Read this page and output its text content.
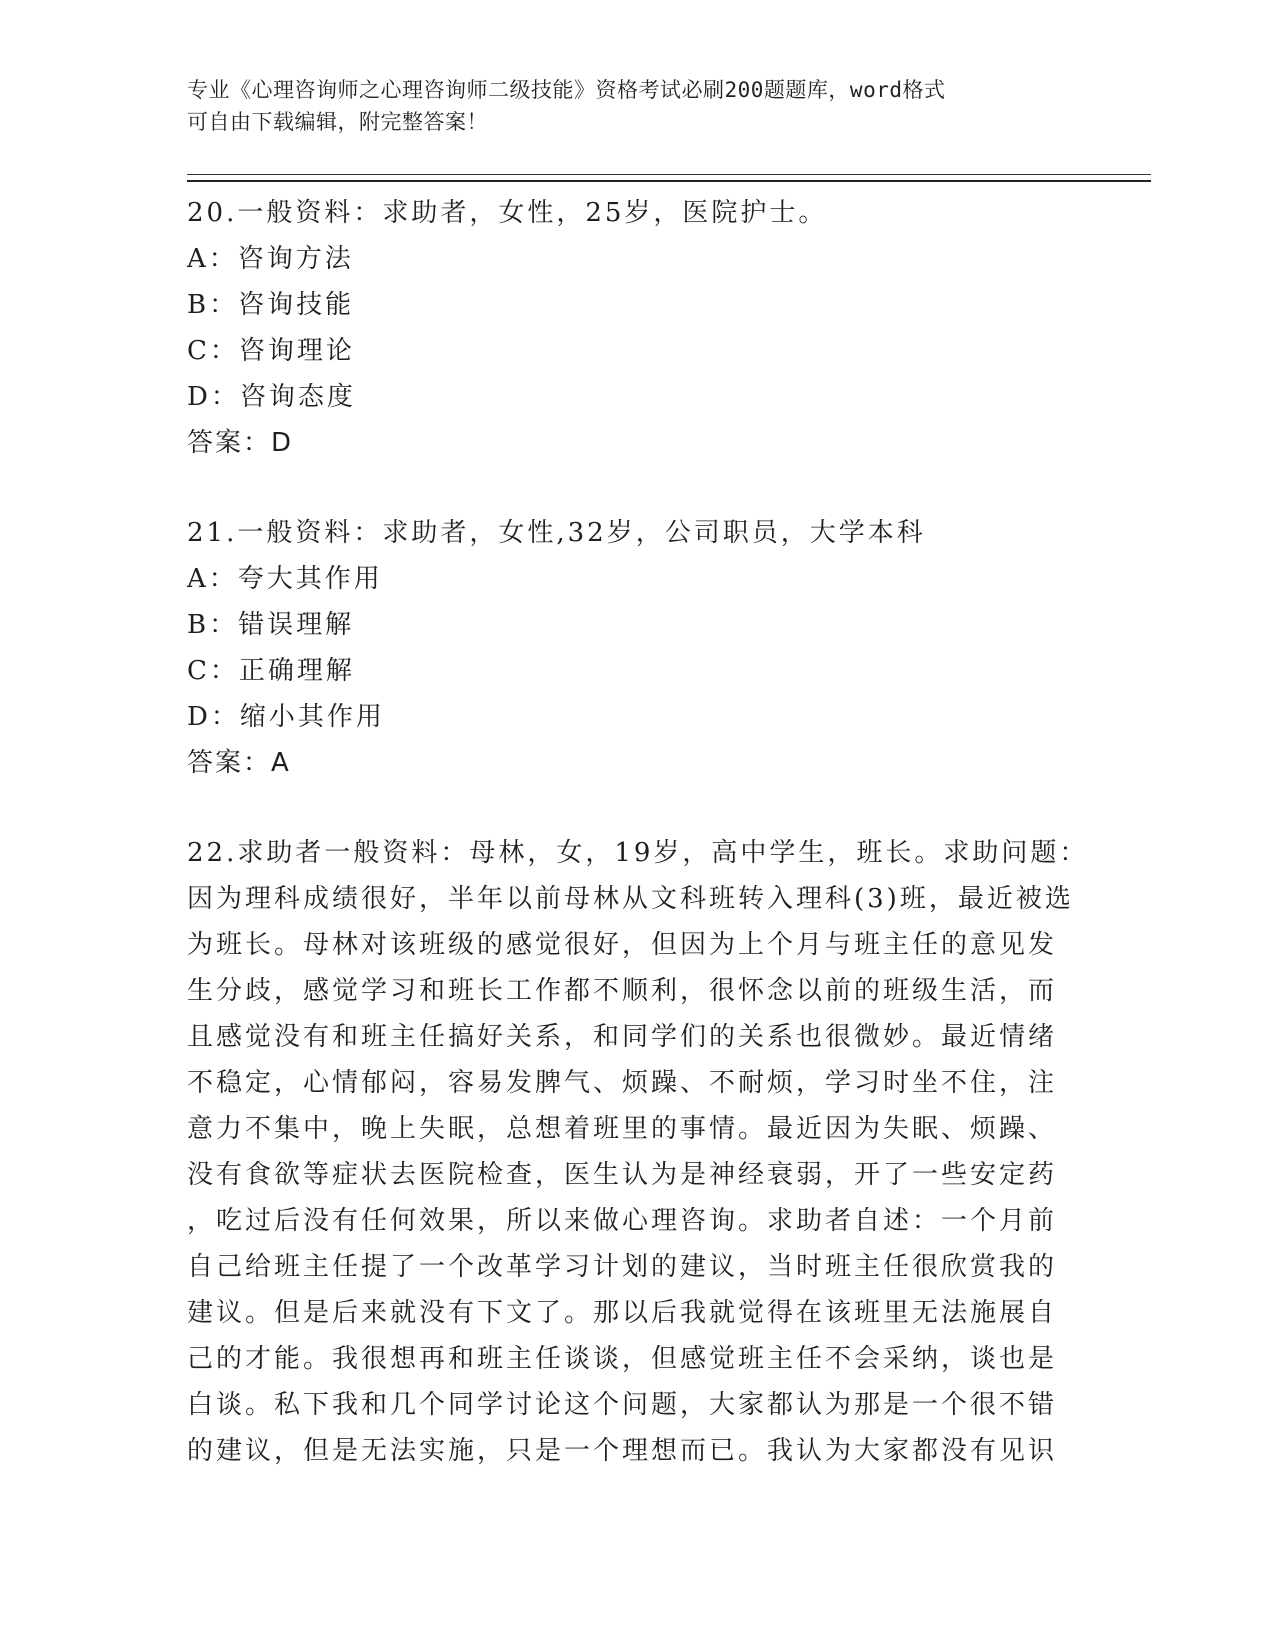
专业《心理咨询师之心理咨询师二级技能》资格考试必刷200题题库，word格式
可自由下载编辑，附完整答案！
20.一般资料：求助者，女性，25岁，医院护士。
A：咨询方法
B：咨询技能
C：咨询理论
D：咨询态度
答案：D
21.一般资料：求助者，女性,32岁，公司职员，大学本科
A：夸大其作用
B：错误理解
C：正确理解
D：缩小其作用
答案：A
22.求助者一般资料：母林，女，19岁，高中学生，班长。求助问题：
因为理科成绩很好，半年以前母林从文科班转入理科(3)班，最近被选
为班长。母林对该班级的感觉很好，但因为上个月与班主任的意见发
生分歧，感觉学习和班长工作都不顺利，很怀念以前的班级生活，而
且感觉没有和班主任搞好关系，和同学们的关系也很微妙。最近情绪
不稳定，心情郁闷，容易发脾气、烦躁、不耐烦，学习时坐不住，注
意力不集中，晚上失眠，总想着班里的事情。最近因为失眠、烦躁、
没有食欲等症状去医院检查，医生认为是神经衰弱，开了一些安定药
，吃过后没有任何效果，所以来做心理咨询。求助者自述：一个月前
自己给班主任提了一个改革学习计划的建议，当时班主任很欣赏我的
建议。但是后来就没有下文了。那以后我就觉得在该班里无法施展自
己的才能。我很想再和班主任谈谈，但感觉班主任不会采纳，谈也是
白谈。私下我和几个同学讨论这个问题，大家都认为那是一个很不错
的建议，但是无法实施，只是一个理想而已。我认为大家都没有见识
